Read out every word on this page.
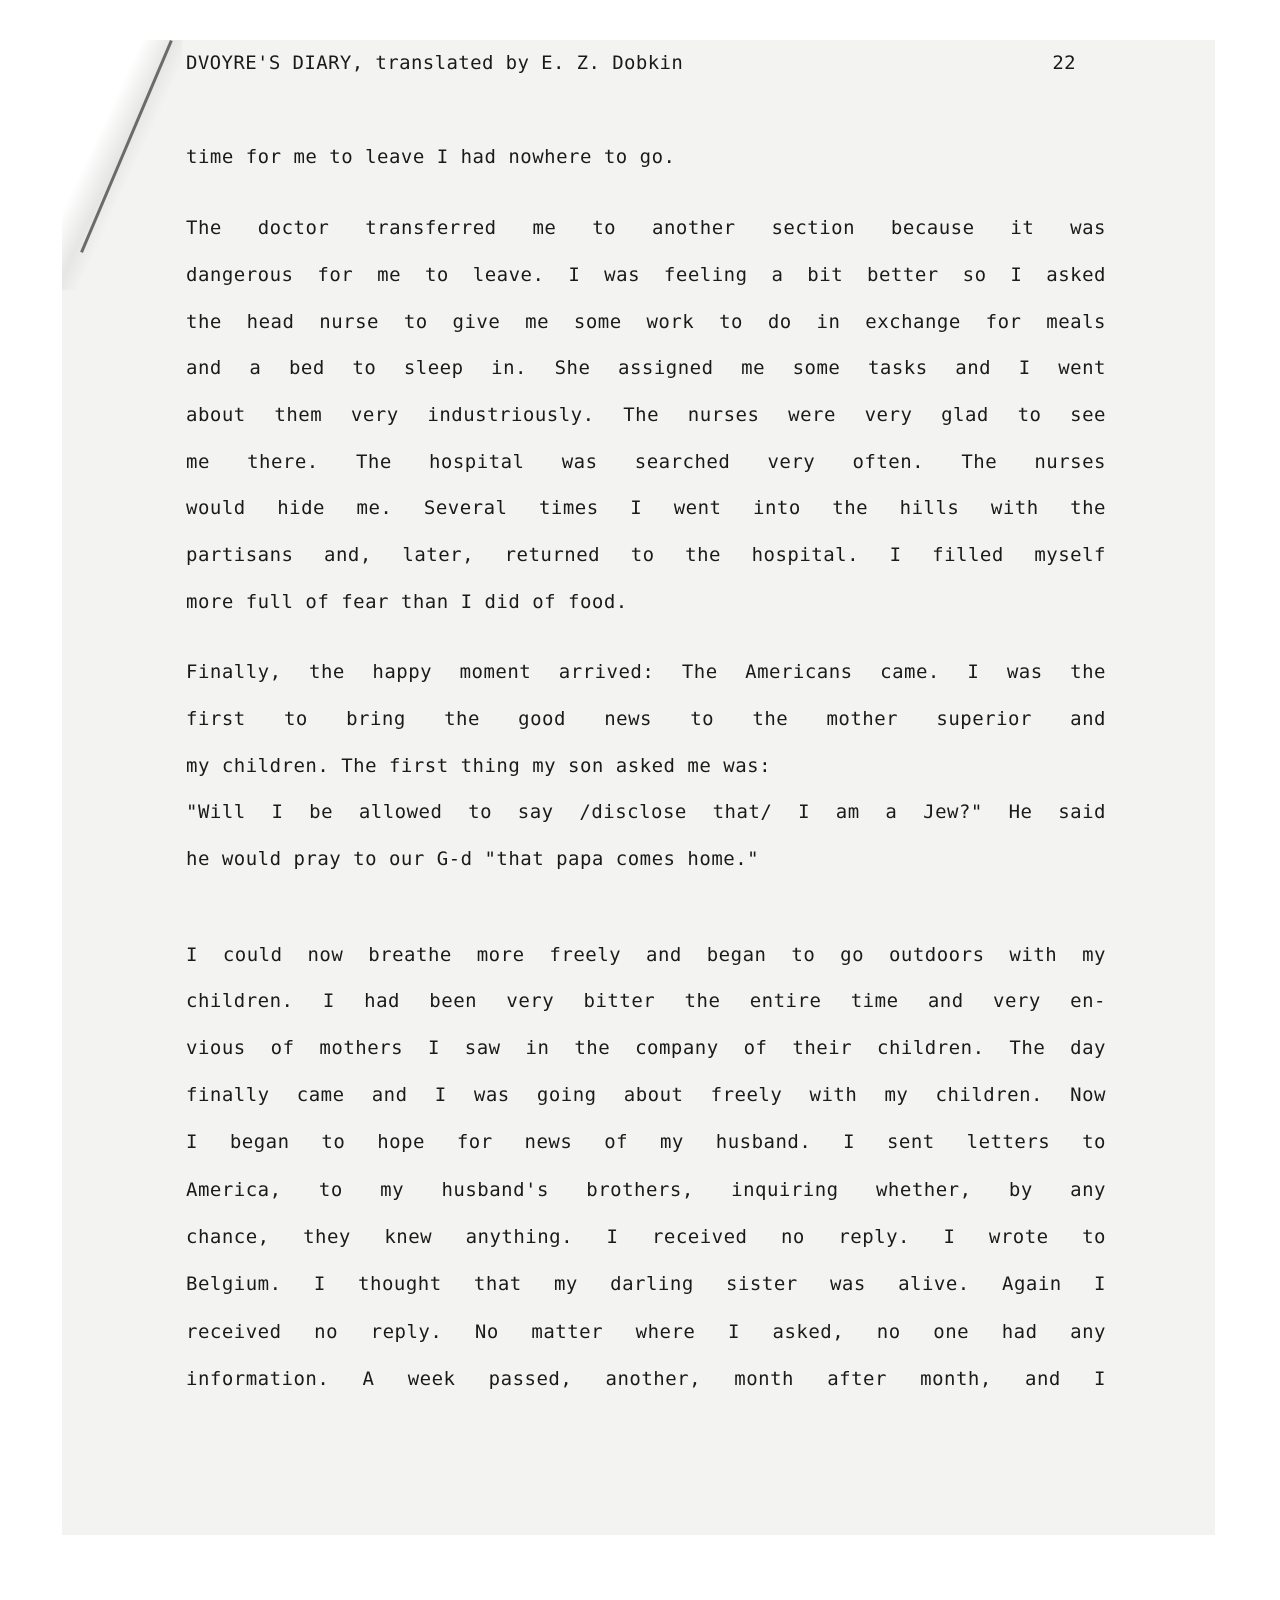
DVOYRE'S DIARY, translated by E. Z. Dobkin	22
time for me to leave I had nowhere to go.
The doctor transferred me to another section because it was
dangerous for me to leave. I was feeling a bit better so I asked
the head nurse to give me some work to do in exchange for meals
and a bed to sleep in. She assigned me some tasks and I went
about them very industriously. The nurses were very glad to see
me there. The hospital was searched very often. The nurses
would hide me. Several times I went into the hills with the
partisans and, later, returned to the hospital. I filled myself
more full of fear than I did of food.
Finally, the happy moment arrived: The Americans came. I was the
first to bring the good news to the mother superior and
my children. The first thing my son asked me was:
"Will I be allowed to say /disclose that/ I am a Jew?" He said
he would pray to our G-d "that papa comes home."
I could now breathe more freely and began to go outdoors with my
children. I had been very bitter the entire time and very en-
vious of mothers I saw in the company of their children. The day
finally came and I was going about freely with my children. Now
I began to hope for news of my husband. I sent letters to
America, to my husband's brothers, inquiring whether, by any
chance, they knew anything. I received no reply. I wrote to
Belgium. I thought that my darling sister was alive. Again I
received no reply. No matter where I asked, no one had any
information. A week passed, another, month after month, and I
